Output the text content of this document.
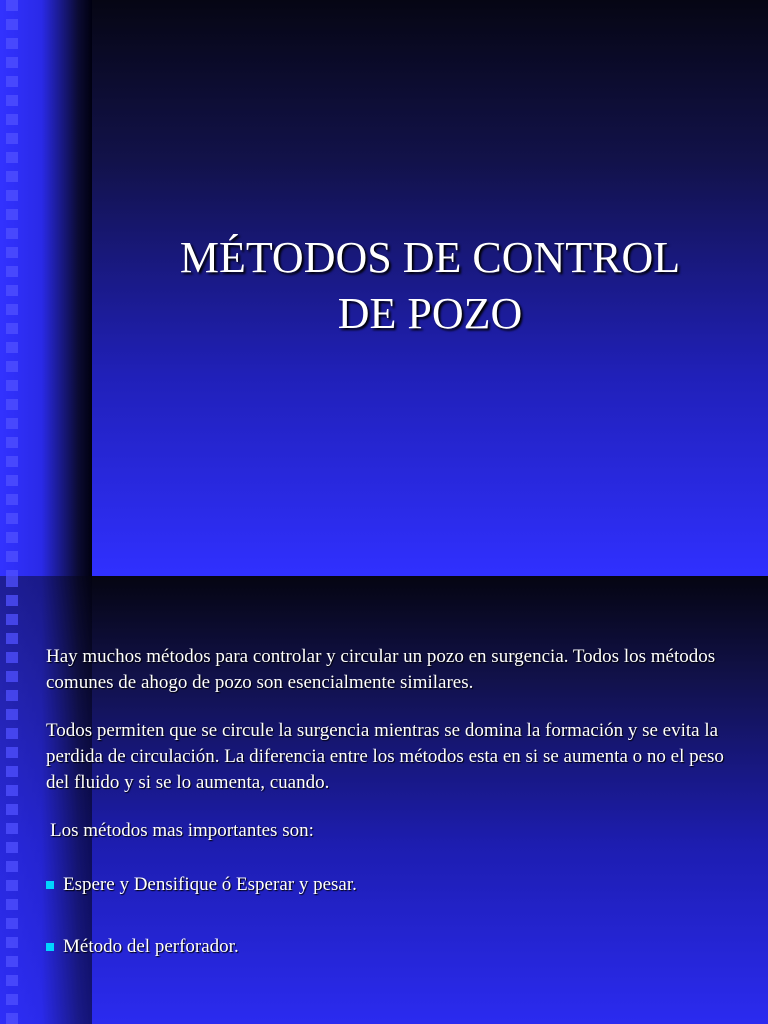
MÉTODOS DE CONTROL
DE POZO

Hay muchos métodos para controlar y circular un pozo en surgencia. Todos los métodos comunes de ahogo de pozo son esencialmente similares.

Todos permiten que se circule la surgencia mientras se domina la formación y se evita la perdida de circulación. La diferencia entre los métodos esta en si se aumenta o no el peso del fluido y si se lo aumenta, cuando.

Los métodos mas importantes son:

Espere y Densifique ó Esperar y pesar.
Método del perforador.
